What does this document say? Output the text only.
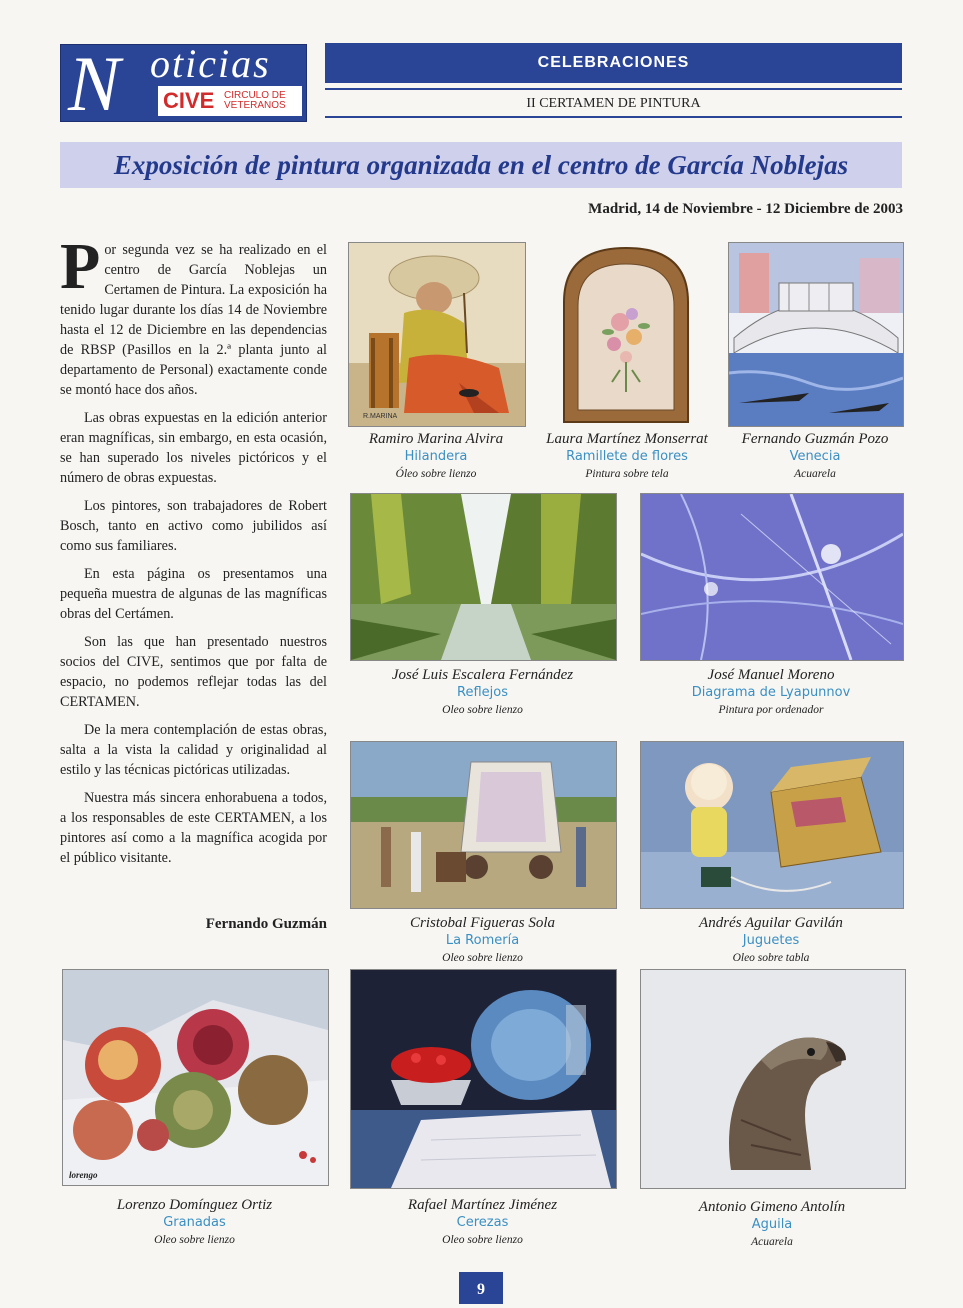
N oticias
CIVE CIRCULO DE VETERANOS
CELEBRACIONES
II CERTAMEN DE PINTURA
Exposición de pintura organizada en el centro de García Noblejas
Madrid, 14 de Noviembre - 12 Diciembre de 2003

Por segunda vez se ha realizado en el centro de García Noblejas un Certamen de Pintura. La exposición ha tenido lugar durante los días 14 de Noviembre hasta el 12 de Diciembre en las dependencias de RBSP (Pasillos en la 2.ª planta junto al departamento de Personal) exactamente conde se montó hace dos años.

Las obras expuestas en la edición anterior eran magníficas, sin embargo, en esta ocasión, se han superado los niveles pictóricos y el número de obras expuestas.

Los pintores, son trabajadores de Robert Bosch, tanto en activo como jubilidos así como sus familiares.

En esta página os presentamos una pequeña muestra de algunas de las magníficas obras del Certámen.

Son las que han presentado nuestros socios del CIVE, sentimos que por falta de espacio, no podemos reflejar todas las del CERTAMEN.

De la mera contemplación de estas obras, salta a la vista la calidad y originalidad al estilo y las técnicas pictóricas utilizadas.

Nuestra más sincera enhorabuena a todos, a los responsables de este CERTAMEN, a los pintores así como a la magnífica acogida por el público visitante.

Fernando Guzmán
R.MARINA
Ramiro Marina Alvira
Hilandera
Óleo sobre lienzo
Laura Martínez Monserrat
Ramillete de flores
Pintura sobre tela
Fernando Guzmán Pozo
Venecia
Acuarela
José Luis Escalera Fernández
Reflejos
Oleo sobre lienzo
José Manuel Moreno
Diagrama de Lyapunnov
Pintura por ordenador
Cristobal Figueras Sola
La Romería
Oleo sobre lienzo
Andrés Aguilar Gavilán
Juguetes
Oleo sobre tabla
lorengo
Lorenzo Domínguez Ortiz
Granadas
Oleo sobre lienzo
Rafael Martínez Jiménez
Cerezas
Oleo sobre lienzo
Antonio Gimeno Antolín
Aguila
Acuarela
9
